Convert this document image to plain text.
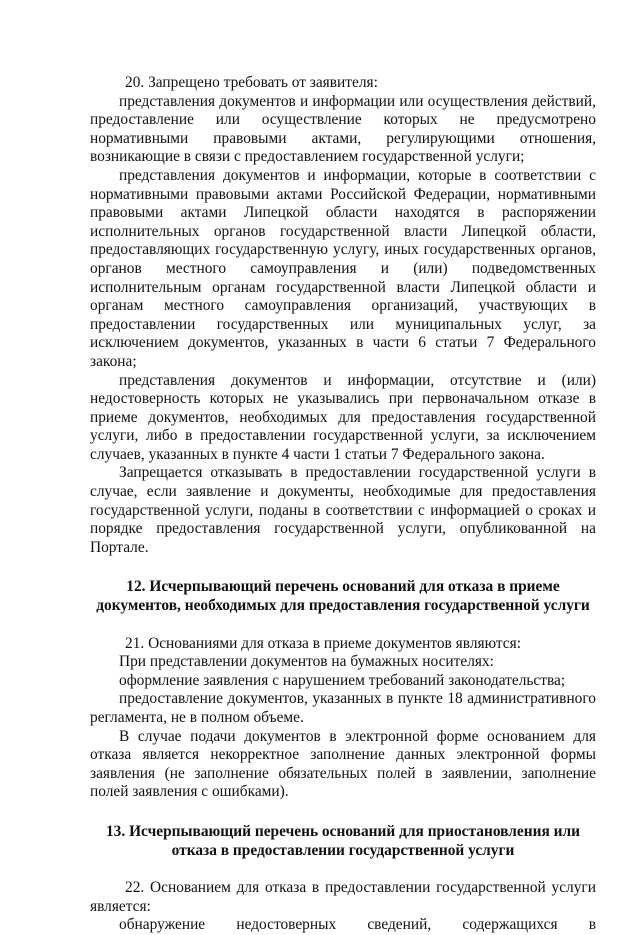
20. Запрещено требовать от заявителя:

представления документов и информации или осуществления действий, предоставление или осуществление которых не предусмотрено нормативными правовыми актами, регулирующими отношения, возникающие в связи с предоставлением государственной услуги;

представления документов и информации, которые в соответствии с нормативными правовыми актами Российской Федерации, нормативными правовыми актами Липецкой области находятся в распоряжении исполнительных органов государственной власти Липецкой области, предоставляющих государственную услугу, иных государственных органов, органов местного самоуправления и (или) подведомственных исполнительным органам государственной власти Липецкой области и органам местного самоуправления организаций, участвующих в предоставлении государственных или муниципальных услуг, за исключением документов, указанных в части 6 статьи 7 Федерального закона;

представления документов и информации, отсутствие и (или) недостоверность которых не указывались при первоначальном отказе в приеме документов, необходимых для предоставления государственной услуги, либо в предоставлении государственной услуги, за исключением случаев, указанных в пункте 4 части 1 статьи 7 Федерального закона.

Запрещается отказывать в предоставлении государственной услуги в случае, если заявление и документы, необходимые для предоставления государственной услуги, поданы в соответствии с информацией о сроках и порядке предоставления государственной услуги, опубликованной на Портале.

12. Исчерпывающий перечень оснований для отказа в приеме документов, необходимых для предоставления государственной услуги

21. Основаниями для отказа в приеме документов являются:

При представлении документов на бумажных носителях:

оформление заявления с нарушением требований законодательства;

предоставление документов, указанных в пункте 18 административного регламента, не в полном объеме.

В случае подачи документов в электронной форме основанием для отказа является некорректное заполнение данных электронной формы заявления (не заполнение обязательных полей в заявлении, заполнение полей заявления с ошибками).

13. Исчерпывающий перечень оснований для приостановления или отказа в предоставлении государственной услуги

22. Основанием для отказа в предоставлении государственной услуги является:

обнаружение недостоверных сведений, содержащихся в
